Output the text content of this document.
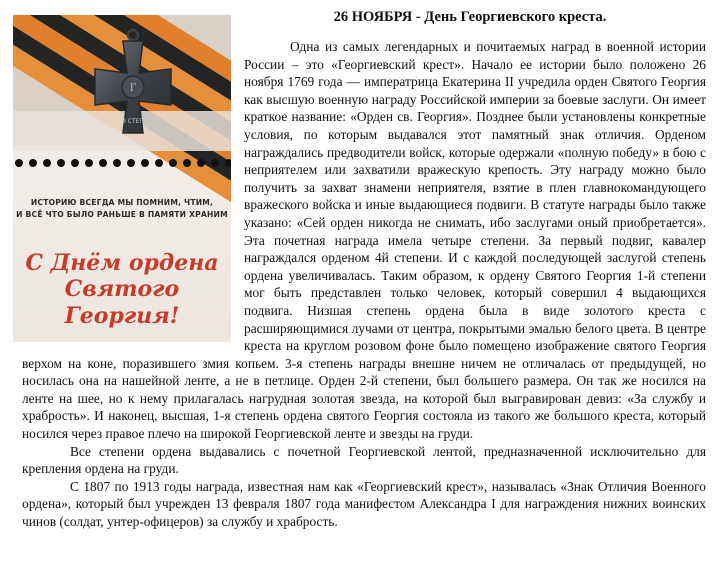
26 НОЯБРЯ - День Георгиевского креста.
Г
3 СТЕП
ИСТОРИЮ ВСЕГДА МЫ ПОМНИМ, ЧТИМ,
И ВСЁ ЧТО БЫЛО РАНЬШЕ В ПАМЯТИ ХРАНИМ
С Днём ордена
Святого
Георгия!

Одна из самых легендарных и почитаемых наград в военной истории России – это «Георгиевский крест». Начало ее истории было положено 26 ноября 1769 года — императрица Екатерина II учредила орден Святого Георгия как высшую военную награду Российской империи за боевые заслуги. Он имеет краткое название: «Орден св. Георгия». Позднее были установлены конкретные условия, по которым выдавался этот памятный знак отличия. Орденом награждались предводители войск, которые одержали «полную победу» в бою с неприятелем или захватили вражескую крепость. Эту награду можно было получить за захват знамени неприятеля, взятие в плен главнокомандующего вражеского войска и иные выдающиеся подвиги. В статуте награды было также указано: «Сей орден никогда не снимать, ибо заслугами оный приобретается». Эта почетная награда имела четыре степени. За первый подвиг, кавалер награждался орденом 4й степени. И с каждой последующей заслугой степень ордена увеличивалась. Таким образом, к ордену Святого Георгия 1-й степени мог быть представлен только человек, который совершил 4 выдающихся подвига. Низшая степень ордена была в виде золотого креста с расширяющимися лучами от центра, покрытыми эмалью белого цвета. В центре креста на круглом розовом фоне было помещено изображение святого Георгия верхом на коне, поразившего змия копьем. 3-я степень награды внешне ничем не отличалась от предыдущей, но носилась она на нашейной ленте, а не в петлице. Орден 2-й степени, был большего размера. Он так же носился на ленте на шее, но к нему прилагалась нагрудная золотая звезда, на которой был выгравирован девиз: «За службу и храбрость». И наконец, высшая, 1-я степень ордена святого Георгия состояла из такого же большого креста, который носился через правое плечо на широкой Георгиевской ленте и звезды на груди.

Все степени ордена выдавались с почетной Георгиевской лентой, предназначенной исключительно для крепления ордена на груди.

С 1807 по 1913 годы награда, известная нам как «Георгиевский крест», называлась «Знак Отличия Военного ордена», который был учрежден 13 февраля 1807 года манифестом Александра I для награждения нижних воинских чинов (солдат, унтер-офицеров) за службу и храбрость.
